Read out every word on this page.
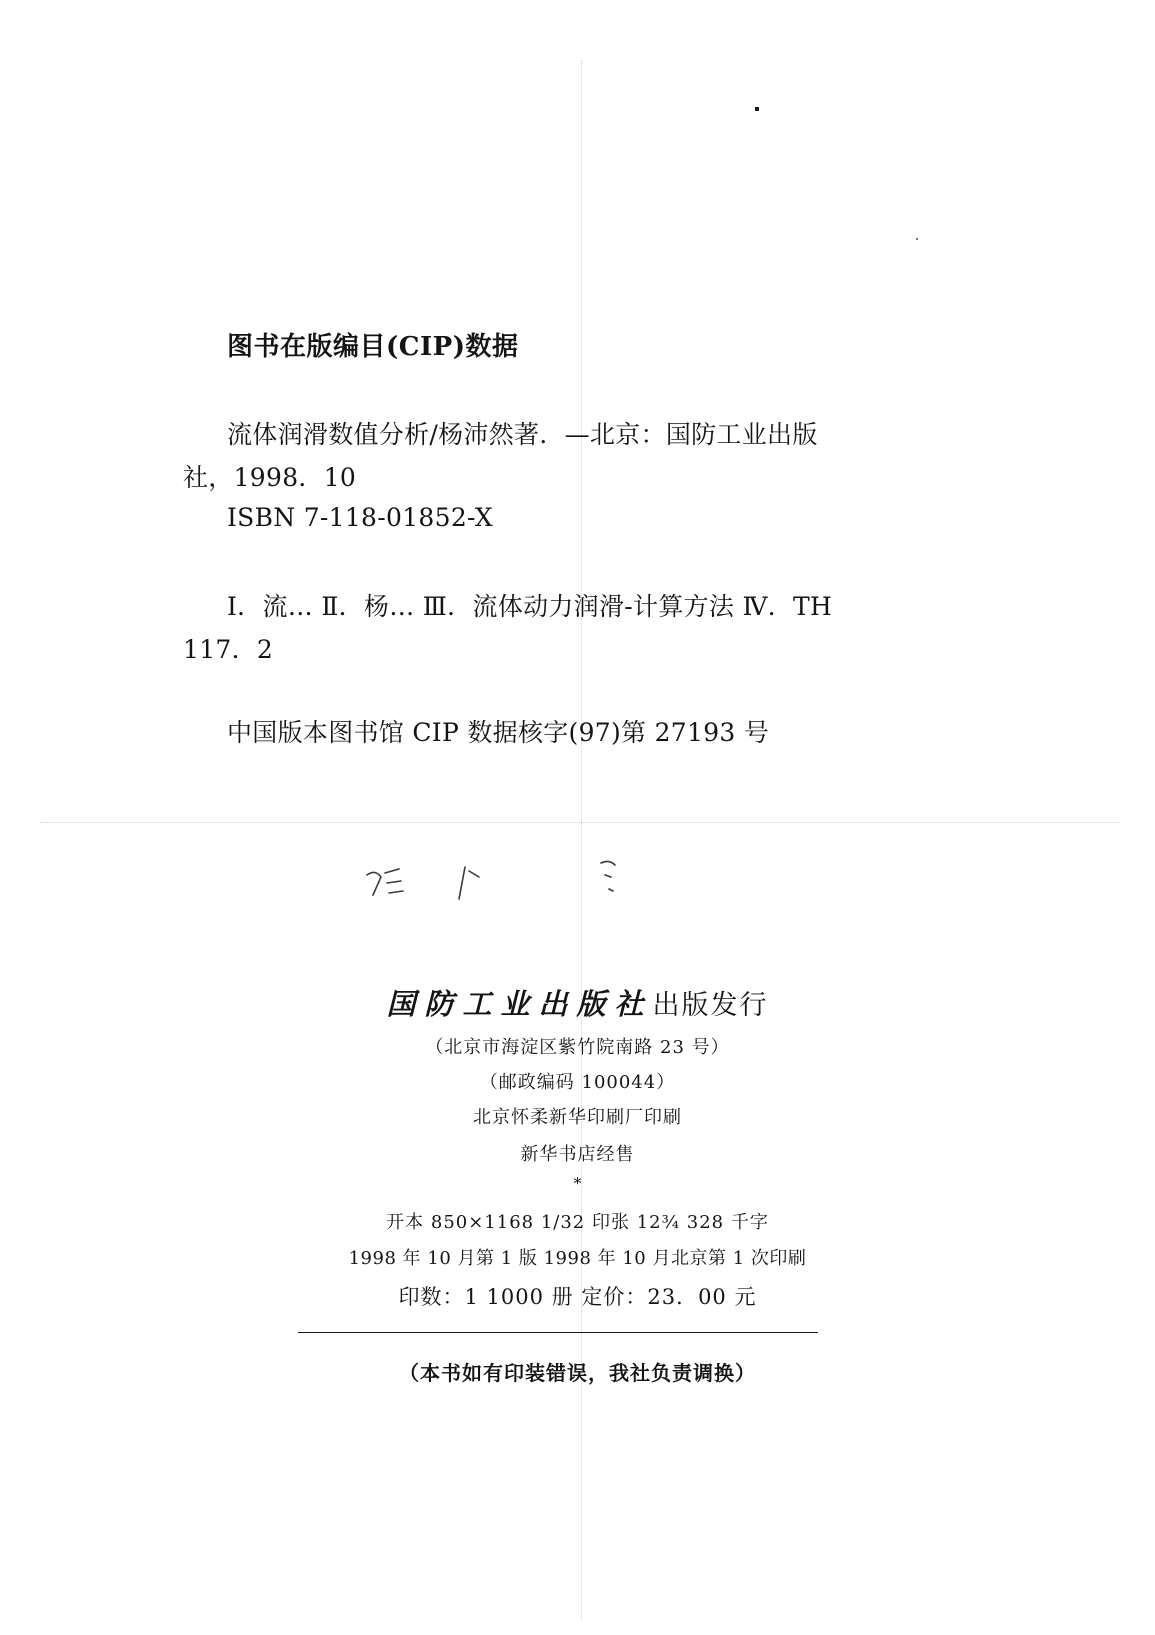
图书在版编目(CIP)数据
流体润滑数值分析/杨沛然著．—北京：国防工业出版
社，1998．10
ISBN 7-118-01852-X
Ⅰ．流… Ⅱ．杨… Ⅲ．流体动力润滑-计算方法 Ⅳ．TH
117．2
中国版本图书馆 CIP 数据核字(97)第 27193 号
国防工业出版社出版发行
（北京市海淀区紫竹院南路 23 号）
（邮政编码 100044）
北京怀柔新华印刷厂印刷
新华书店经售
*
开本 850×1168 1/32 印张 12¾ 328 千字
1998 年 10 月第 1 版 1998 年 10 月北京第 1 次印刷
印数：1 1000 册 定价：23．00 元
（本书如有印装错误，我社负责调换）
